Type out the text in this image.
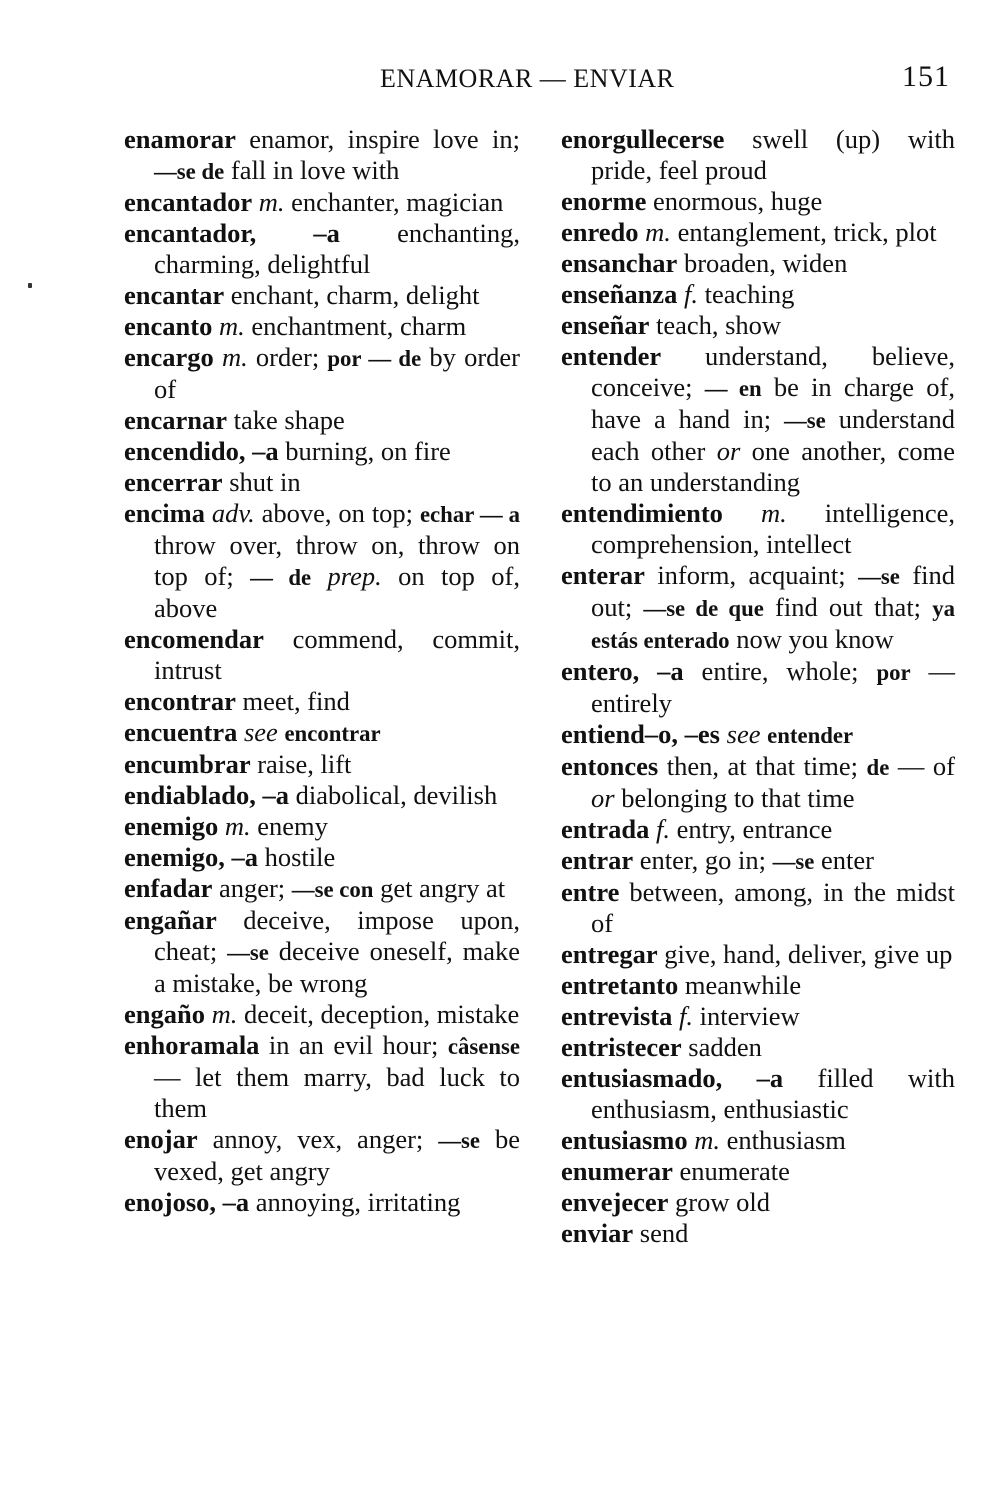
ENAMORAR — ENVIAR	151

enamorar enamor, inspire love in; —se de fall in love with

encantador m. enchanter, magician

encantador, –a enchanting, charming, delightful

encantar enchant, charm, delight

encanto m. enchantment, charm

encargo m. order; por — de by order of

encarnar take shape

encendido, –a burning, on fire

encerrar shut in

encima adv. above, on top; echar — a throw over, throw on, throw on top of; — de prep. on top of, above

encomendar commend, commit, intrust

encontrar meet, find

encuentra see encontrar

encumbrar raise, lift

endiablado, –a diabolical, devilish

enemigo m. enemy

enemigo, –a hostile

enfadar anger; —se con get angry at

engañar deceive, impose upon, cheat; —se deceive oneself, make a mistake, be wrong

engaño m. deceit, deception, mistake

enhoramala in an evil hour; câsense — let them marry, bad luck to them

enojar annoy, vex, anger; —se be vexed, get angry

enojoso, –a annoying, irritating

enorgullecerse swell (up) with pride, feel proud

enorme enormous, huge

enredo m. entanglement, trick, plot

ensanchar broaden, widen

enseñanza f. teaching

enseñar teach, show

entender understand, believe, conceive; — en be in charge of, have a hand in; —se understand each other or one another, come to an understanding

entendimiento m. intelligence, comprehension, intellect

enterar inform, acquaint; —se find out; —se de que find out that; ya estás enterado now you know

entero, –a entire, whole; por — entirely

entiend–o, –es see entender

entonces then, at that time; de — of or belonging to that time

entrada f. entry, entrance

entrar enter, go in; —se enter

entre between, among, in the midst of

entregar give, hand, deliver, give up

entretanto meanwhile

entrevista f. interview

entristecer sadden

entusiasmado, –a filled with enthusiasm, enthusiastic

entusiasmo m. enthusiasm

enumerar enumerate

envejecer grow old

enviar send
